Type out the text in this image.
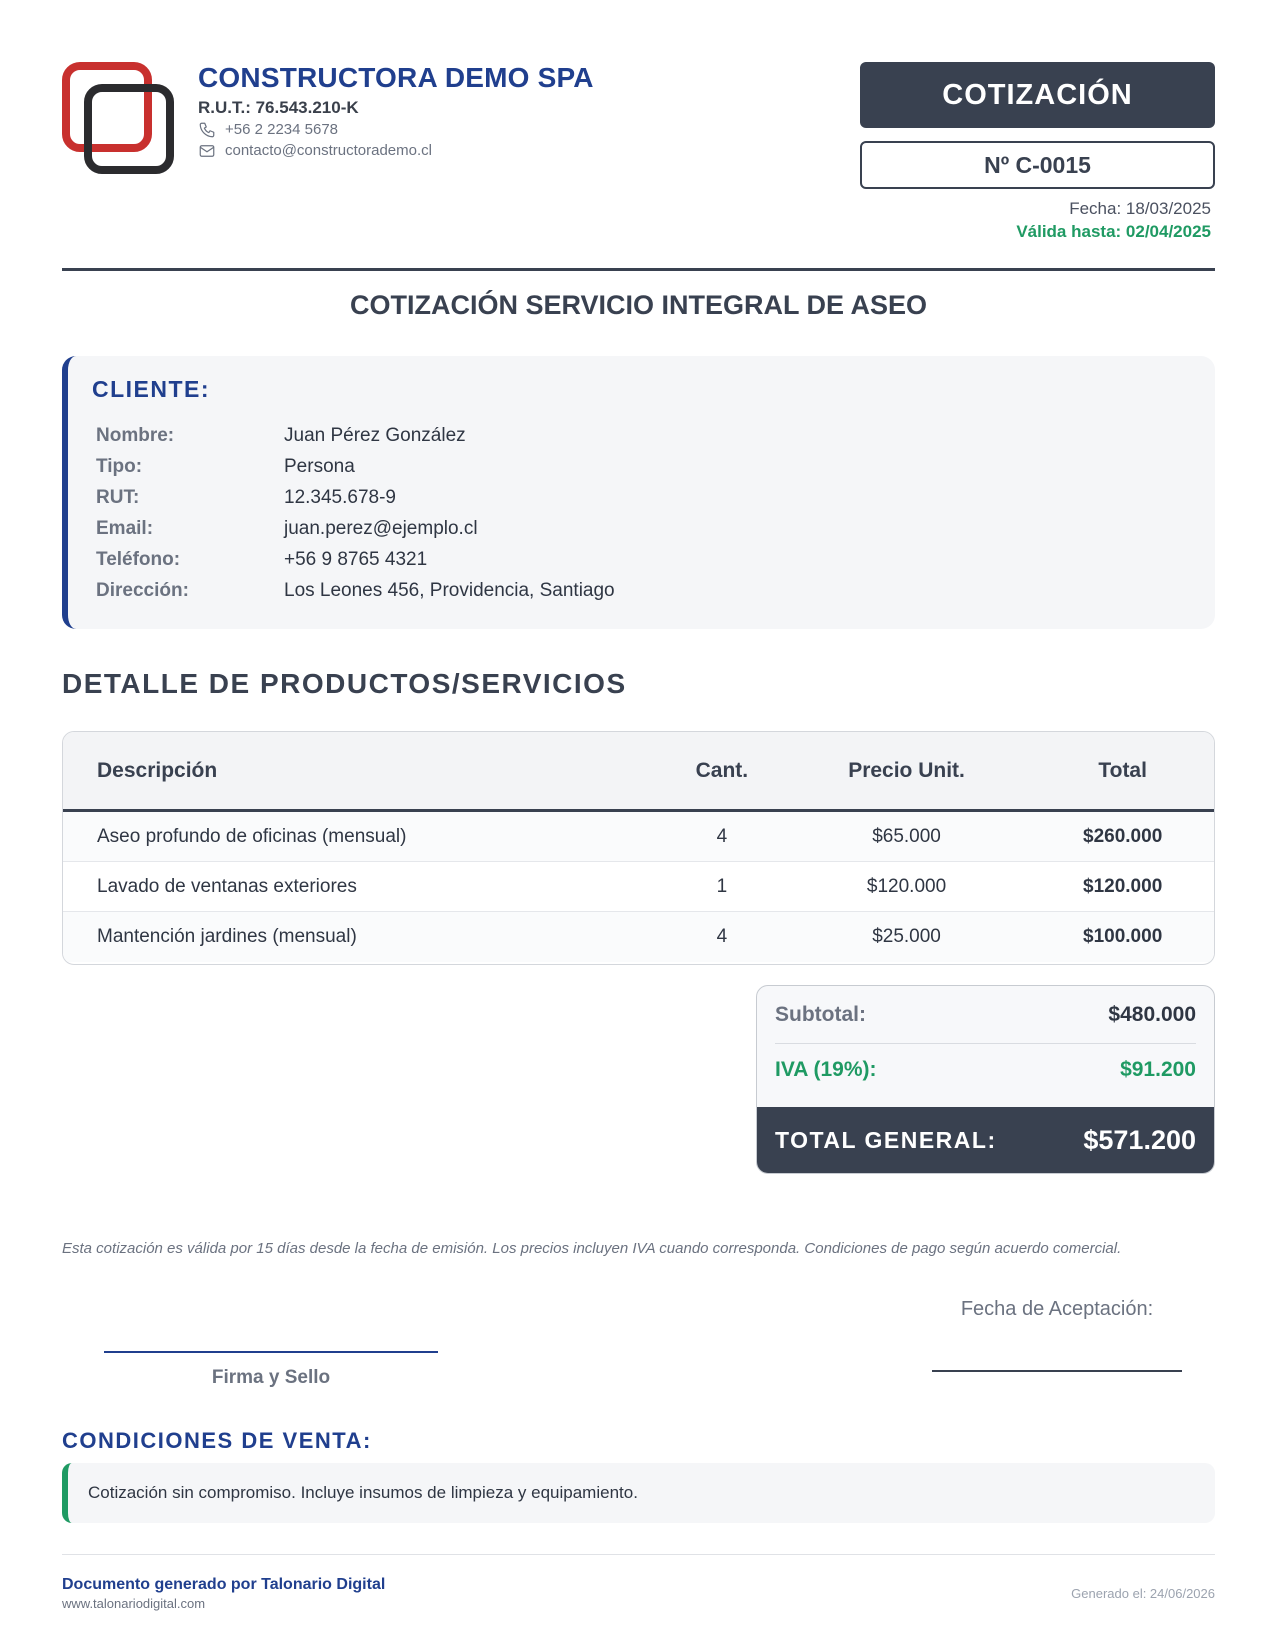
CONSTRUCTORA DEMO SPA
R.U.T.: 76.543.210-K
+56 2 2234 5678
contacto@constructorademo.cl
COTIZACIÓN
Nº C-0015
Fecha: 18/03/2025
Válida hasta: 02/04/2025
COTIZACIÓN SERVICIO INTEGRAL DE ASEO
CLIENTE:
Nombre:	Juan Pérez González
Tipo:	Persona
RUT:	12.345.678-9
Email:	juan.perez@ejemplo.cl
Teléfono:	+56 9 8765 4321
Dirección:	Los Leones 456, Providencia, Santiago
DETALLE DE PRODUCTOS/SERVICIOS
Descripción	Cant.	Precio Unit.	Total
Aseo profundo de oficinas (mensual)	4	$65.000	$260.000
Lavado de ventanas exteriores	1	$120.000	$120.000
Mantención jardines (mensual)	4	$25.000	$100.000
Subtotal:	$480.000
IVA (19%):	$91.200
TOTAL GENERAL:	$571.200
Esta cotización es válida por 15 días desde la fecha de emisión. Los precios incluyen IVA cuando corresponda. Condiciones de pago según acuerdo comercial.
Firma y Sello
Fecha de Aceptación:
CONDICIONES DE VENTA:
Cotización sin compromiso. Incluye insumos de limpieza y equipamiento.
Documento generado por Talonario Digital
www.talonariodigital.com
Generado el: 24/06/2026
